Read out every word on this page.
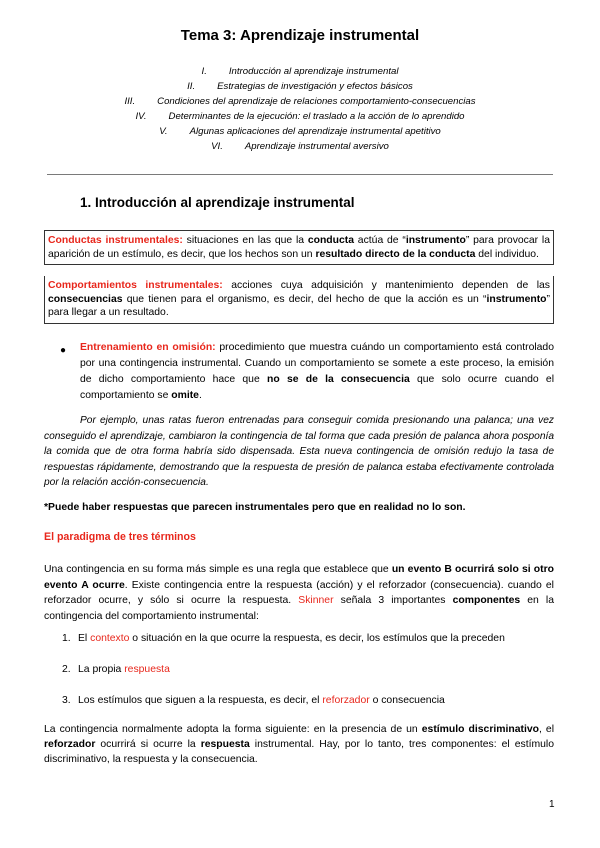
Tema 3: Aprendizaje instrumental
I. Introducción al aprendizaje instrumental
II. Estrategias de investigación y efectos básicos
III. Condiciones del aprendizaje de relaciones comportamiento-consecuencias
IV. Determinantes de la ejecución: el traslado a la acción de lo aprendido
V. Algunas aplicaciones del aprendizaje instrumental apetitivo
VI. Aprendizaje instrumental aversivo
1. Introducción al aprendizaje instrumental
Conductas instrumentales: situaciones en las que la conducta actúa de “instrumento” para provocar la aparición de un estímulo, es decir, que los hechos son un resultado directo de la conducta del individuo.
Comportamientos instrumentales: acciones cuya adquisición y mantenimiento dependen de las consecuencias que tienen para el organismo, es decir, del hecho de que la acción es un “instrumento” para llegar a un resultado.
● Entrenamiento en omisión: procedimiento que muestra cuándo un comportamiento está controlado por una contingencia instrumental. Cuando un comportamiento se somete a este proceso, la emisión de dicho comportamiento hace que no se de la consecuencia que solo ocurre cuando el comportamiento se omite.
Por ejemplo, unas ratas fueron entrenadas para conseguir comida presionando una palanca; una vez conseguido el aprendizaje, cambiaron la contingencia de tal forma que cada presión de palanca ahora posponía la comida que de otra forma habría sido dispensada. Esta nueva contingencia de omisión redujo la tasa de respuestas rápidamente, demostrando que la respuesta de presión de palanca estaba efectivamente controlada por la relación acción-consecuencia.
*Puede haber respuestas que parecen instrumentales pero que en realidad no lo son.
El paradigma de tres términos
Una contingencia en su forma más simple es una regla que establece que un evento B ocurrirá solo si otro evento A ocurre. Existe contingencia entre la respuesta (acción) y el reforzador (consecuencia). cuando el reforzador ocurre, y sólo si ocurre la respuesta. Skinner señala 3 importantes componentes en la contingencia del comportamiento instrumental:
1. El contexto o situación en la que ocurre la respuesta, es decir, los estímulos que la preceden
2. La propia respuesta
3. Los estímulos que siguen a la respuesta, es decir, el reforzador o consecuencia
La contingencia normalmente adopta la forma siguiente: en la presencia de un estímulo discriminativo, el reforzador ocurrirá si ocurre la respuesta instrumental. Hay, por lo tanto, tres componentes: el estímulo discriminativo, la respuesta y la consecuencia.
1
